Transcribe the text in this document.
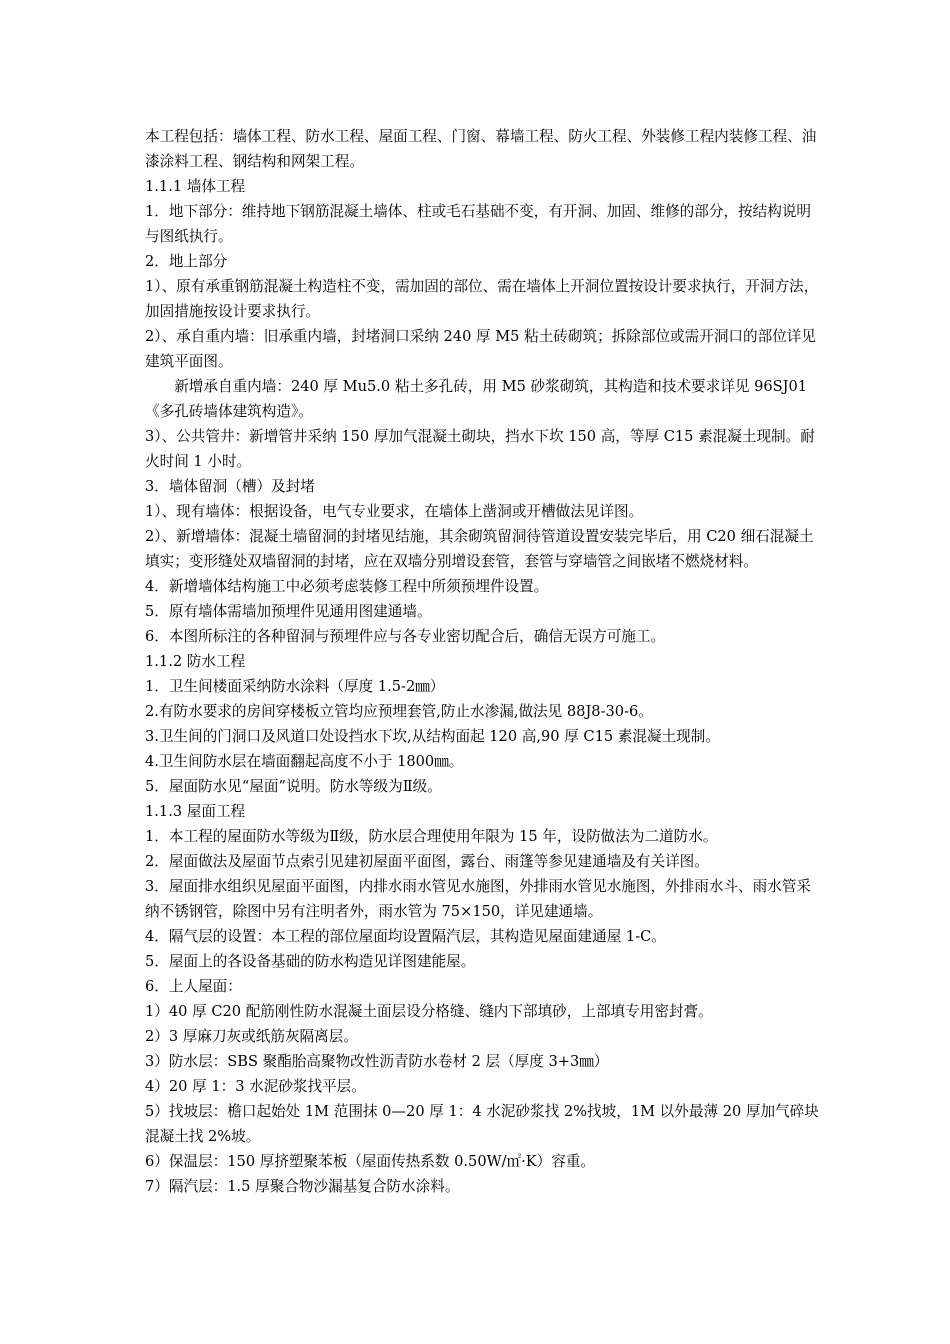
本工程包括：墙体工程、防水工程、屋面工程、门窗、幕墙工程、防火工程、外装修工程内装修工程、油漆涂料工程、钢结构和网架工程。

1.1.1 墙体工程

1．地下部分：维持地下钢筋混凝土墙体、柱或毛石基础不变，有开洞、加固、维修的部分，按结构说明与图纸执行。

2．地上部分

1）、原有承重钢筋混凝土构造柱不变，需加固的部位、需在墙体上开洞位置按设计要求执行，开洞方法，加固措施按设计要求执行。

2）、承自重内墙：旧承重内墙，封堵洞口采纳 240 厚 M5 粘土砖砌筑；拆除部位或需开洞口的部位详见建筑平面图。

新增承自重内墙：240 厚 Mu5.0 粘土多孔砖，用 M5 砂浆砌筑，其构造和技术要求详见 96SJ01《多孔砖墙体建筑构造》。

3）、公共管井：新增管井采纳 150 厚加气混凝土砌块，挡水下坎 150 高，等厚 C15 素混凝土现制。耐火时间 1 小时。

3．墙体留洞（槽）及封堵

1）、现有墙体：根据设备，电气专业要求，在墙体上凿洞或开槽做法见详图。

2）、新增墙体：混凝土墙留洞的封堵见结施，其余砌筑留洞待管道设置安装完毕后，用 C20 细石混凝土填实；变形缝处双墙留洞的封堵，应在双墙分别增设套管，套管与穿墙管之间嵌堵不燃烧材料。

4．新增墙体结构施工中必须考虑装修工程中所须预埋件设置。

5．原有墙体需墙加预埋件见通用图建通墙。

6．本图所标注的各种留洞与预埋件应与各专业密切配合后，确信无误方可施工。

1.1.2 防水工程

1．卫生间楼面采纳防水涂料（厚度 1.5-2㎜）

2.有防水要求的房间穿楼板立管均应预埋套管,防止水渗漏,做法见 88J8-30-6。

3.卫生间的门洞口及风道口处设挡水下坎,从结构面起 120 高,90 厚 C15 素混凝土现制。

4.卫生间防水层在墙面翻起高度不小于 1800㎜。

5．屋面防水见“屋面”说明。防水等级为Ⅱ级。

1.1.3 屋面工程

1．本工程的屋面防水等级为Ⅱ级，防水层合理使用年限为 15 年，设防做法为二道防水。

2．屋面做法及屋面节点索引见建初屋面平面图，露台、雨篷等参见建通墙及有关详图。

3．屋面排水组织见屋面平面图，内排水雨水管见水施图，外排雨水管见水施图，外排雨水斗、雨水管采纳不锈钢管，除图中另有注明者外，雨水管为 75×150，详见建通墙。

4．隔气层的设置：本工程的部位屋面均设置隔汽层，其构造见屋面建通屋 1-C。

5．屋面上的各设备基础的防水构造见详图建能屋。

6．上人屋面：

1）40 厚 C20 配筋刚性防水混凝土面层设分格缝、缝内下部填砂，上部填专用密封膏。

2）3 厚麻刀灰或纸筋灰隔离层。

3）防水层：SBS 聚酯胎高聚物改性沥青防水卷材 2 层（厚度 3+3㎜）

4）20 厚 1：3 水泥砂浆找平层。

5）找坡层：檐口起始处 1M 范围抹 0—20 厚 1：4 水泥砂浆找 2%找坡，1M 以外最薄 20 厚加气碎块混凝土找 2%坡。

6）保温层：150 厚挤塑聚苯板（屋面传热系数 0.50W/㎡·K）容重。

7）隔汽层：1.5 厚聚合物沙漏基复合防水涂料。
